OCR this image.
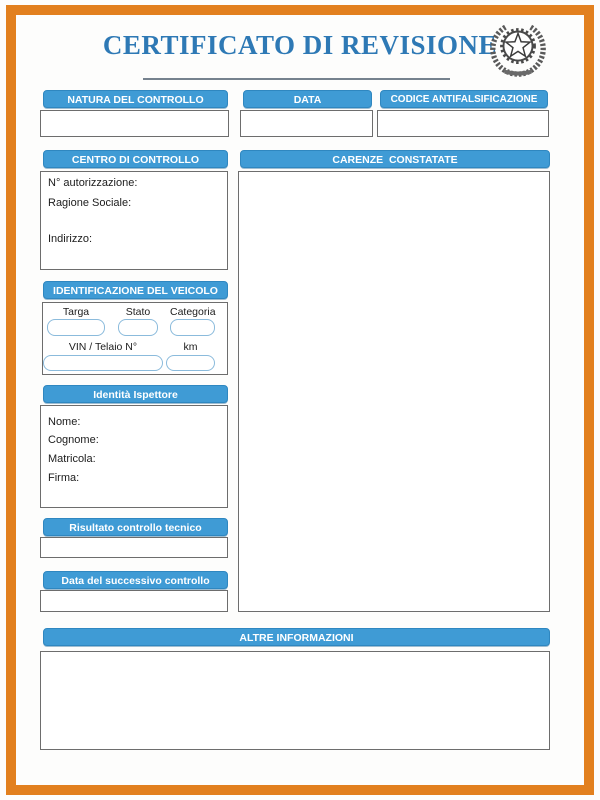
CERTIFICATO DI REVISIONE
NATURA DEL CONTROLLO	DATA	CODICE ANTIFALSIFICAZIONE
CENTRO DI CONTROLLO
N° autorizzazione:
Ragione Sociale:
Indirizzo:
CARENZE  CONSTATATE
IDENTIFICAZIONE DEL VEICOLO
Targa	Stato	Categoria
VIN / Telaio N°	km
Identità Ispettore
Nome:
Cognome:
Matricola:
Firma:
Risultato controllo tecnico
Data del successivo controllo
ALTRE INFORMAZIONI
